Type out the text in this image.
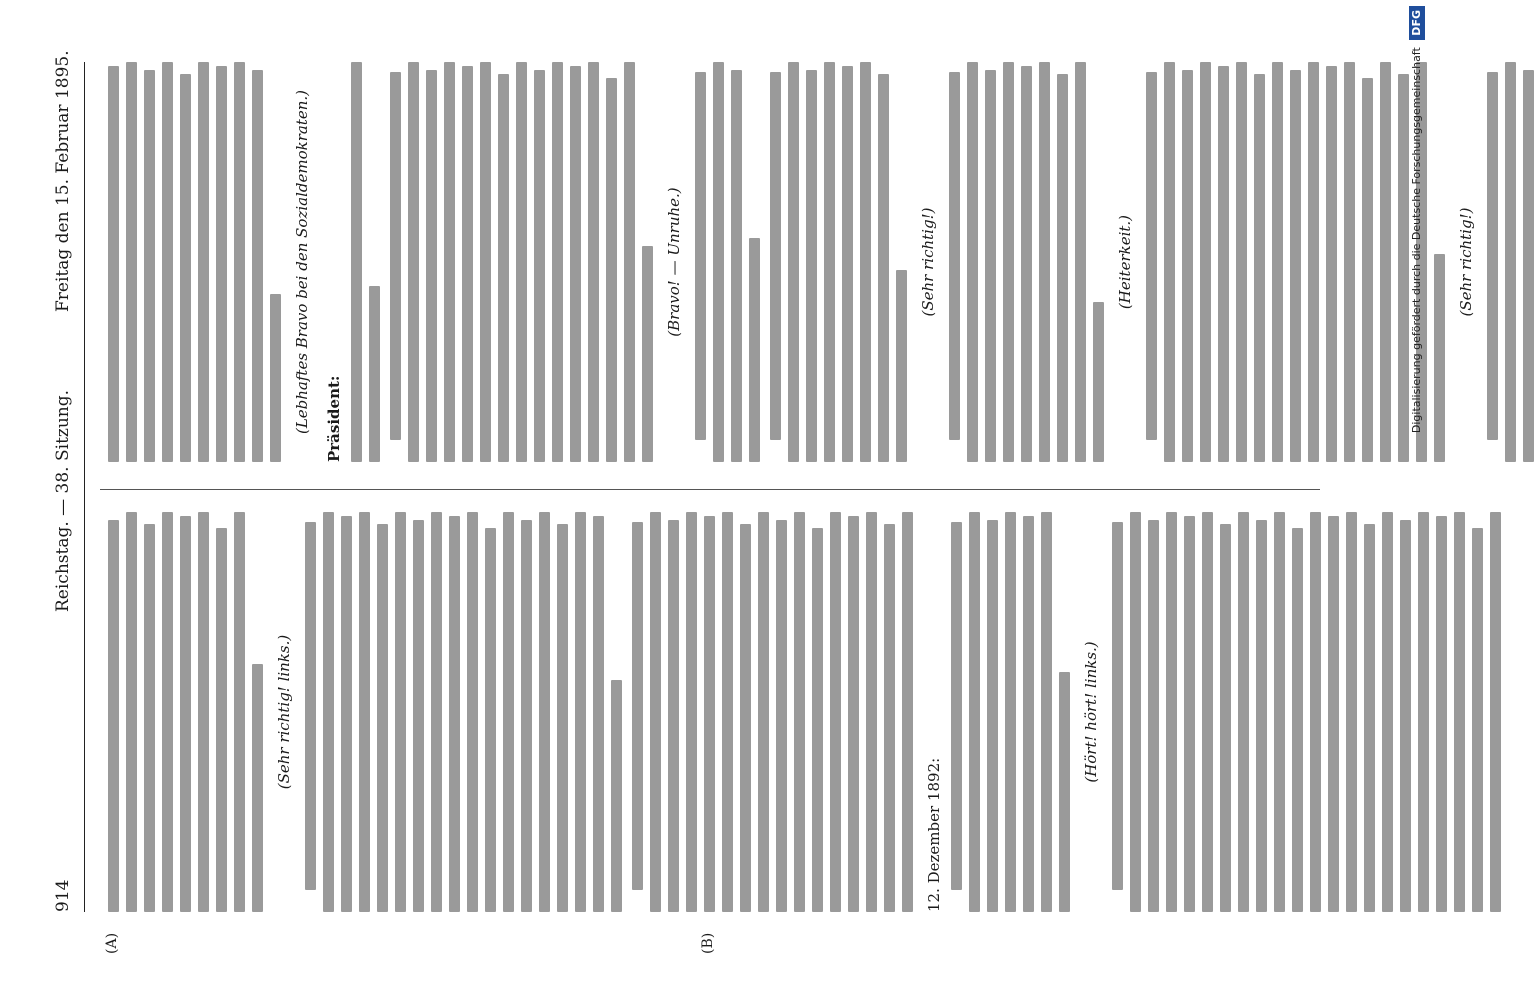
914
Reichstag. — 38. Sitzung.
Freitag den 15. Februar 1895.
(A)	(B)
(Sehr richtig! links.)
12. Dezember 1892:
(Hört! hört! links.)
(Lebhaftes Bravo bei den Sozialdemokraten.) Präsident:
(Bravo! — Unruhe.)	(Sehr richtig!)	(Heiterkeit.)	(Sehr richtig!)
Digitalisierung gefördert durch die Deutsche Forschungsgemeinschaft DFG
